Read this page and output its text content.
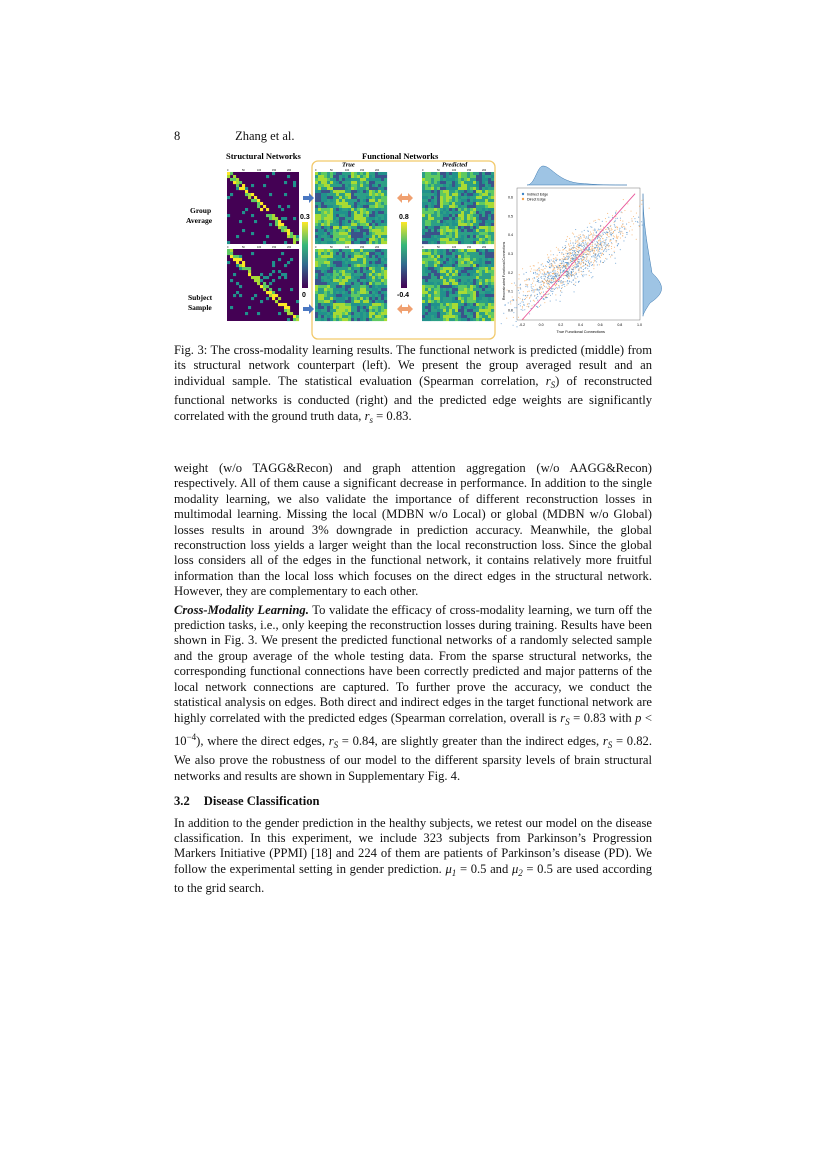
8	Zhang et al.
Structural Networks	Functional Networks
True	Predicted
Group
Average
Subject
Sample
0	50	100	150	200
0	50	100	150	200
0	50	100	150	200
0	50	100	150	200
0	50	100	150	200
0	50	100	150	200
0.3
0
0.8
-0.4
-0.2	0.0	0.2	0.4	0.6	0.8	1.0
0.0
0.1
0.2
0.3
0.4
0.5
0.6
True Functional Connections
Reconstructed Functional Connections
Indirect Edge
Direct Edge

Fig. 3: The cross-modality learning results. The functional network is predicted (middle) from its structural network counterpart (left). We present the group averaged result and an individual sample. The statistical evaluation (Spearman correlation, $r_S$) of reconstructed functional networks is conducted (right) and the predicted edge weights are significantly correlated with the ground truth data, $r_s = 0.83$.

weight (w/o TAGG&Recon) and graph attention aggregation (w/o AAGG&Recon) respectively. All of them cause a significant decrease in performance. In addition to the single modality learning, we also validate the importance of different reconstruction losses in multimodal learning. Missing the local (MDBN w/o Local) or global (MDBN w/o Global) losses results in around 3% downgrade in prediction accuracy. Meanwhile, the global reconstruction loss yields a larger weight than the local reconstruction loss. Since the global loss considers all of the edges in the functional network, it contains relatively more fruitful information than the local loss which focuses on the direct edges in the structural network. However, they are complementary to each other.

Cross-Modality Learning. To validate the efficacy of cross-modality learning, we turn off the prediction tasks, i.e., only keeping the reconstruction losses during training. Results have been shown in Fig. 3. We present the predicted functional networks of a randomly selected sample and the group average of the whole testing data. From the sparse structural networks, the corresponding functional connections have been correctly predicted and major patterns of the local network connections are captured. To further prove the accuracy, we conduct the statistical analysis on edges. Both direct and indirect edges in the target functional network are highly correlated with the predicted edges (Spearman correlation, overall is $r_S = 0.83$ with $p < 10^{-4}$), where the direct edges, $r_S = 0.84$, are slightly greater than the indirect edges, $r_S = 0.82$. We also prove the robustness of our model to the different sparsity levels of brain structural networks and results are shown in Supplementary Fig. 4.

3.2 Disease Classification

In addition to the gender prediction in the healthy subjects, we retest our model on the disease classification. In this experiment, we include 323 subjects from Parkinson’s Progression Markers Initiative (PPMI) [18] and 224 of them are patients of Parkinson’s disease (PD). We follow the experimental setting in gender prediction. $\mu_1 = 0.5$ and $\mu_2 = 0.5$ are used according to the grid search.
